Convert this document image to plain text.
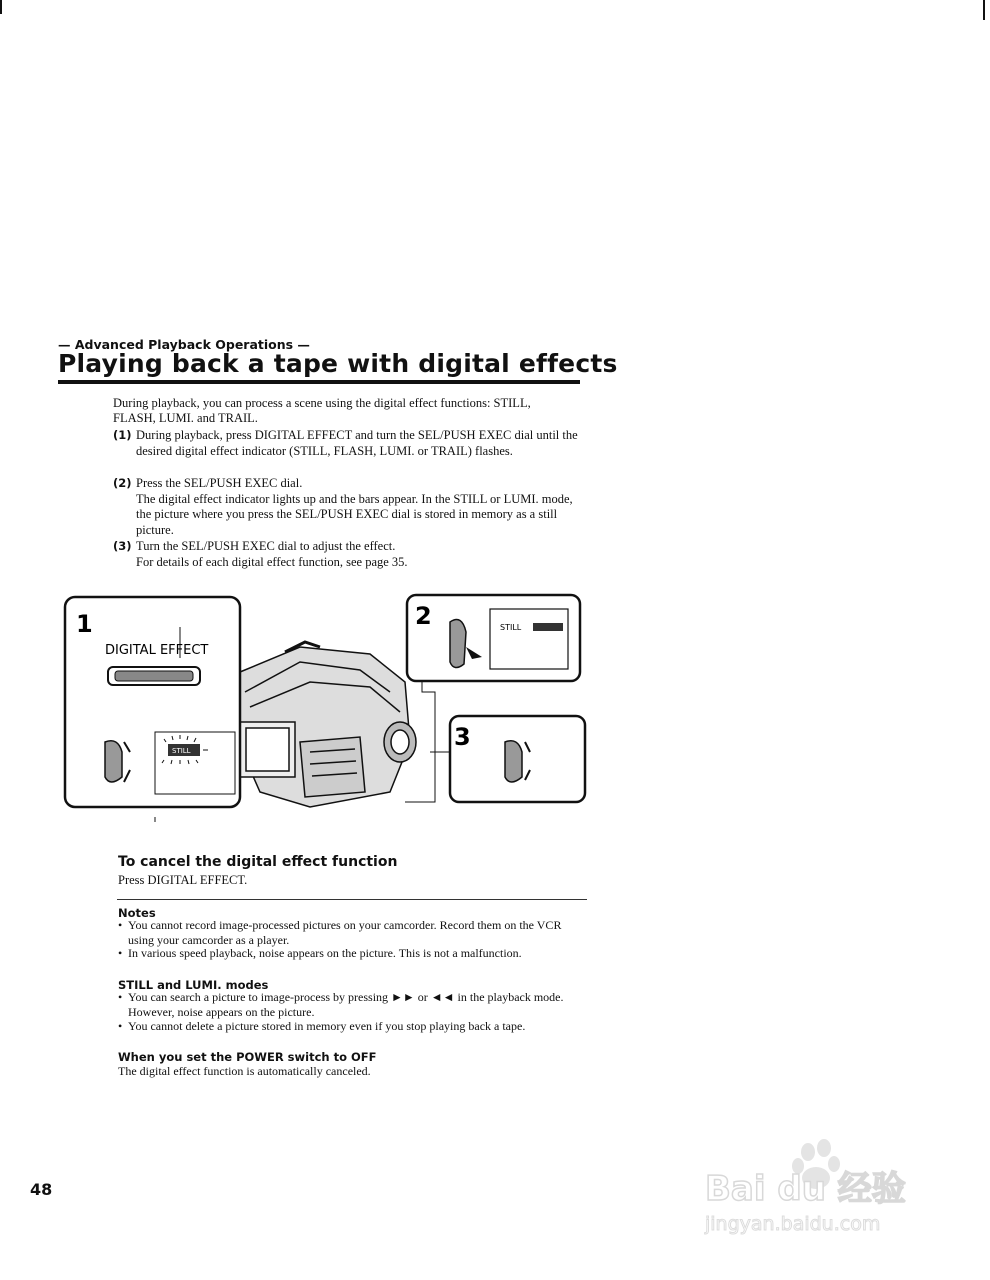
— Advanced Playback Operations —
Playing back a tape with digital effects
During playback, you can process a scene using the digital effect functions: STILL, FLASH, LUMI. and TRAIL.
(1) During playback, press DIGITAL EFFECT and turn the SEL/PUSH EXEC dial until the desired digital effect indicator (STILL, FLASH, LUMI. or TRAIL) flashes.
(2) Press the SEL/PUSH EXEC dial.
The digital effect indicator lights up and the bars appear. In the STILL or LUMI. mode, the picture where you press the SEL/PUSH EXEC dial is stored in memory as a still picture.
(3) Turn the SEL/PUSH EXEC dial to adjust the effect.
For details of each digital effect function, see page 35.
1
DIGITAL EFFECT
STILL
2	STILL
3
To cancel the digital effect function
Press DIGITAL EFFECT.
Notes
• You cannot record image-processed pictures on your camcorder. Record them on the VCR using your camcorder as a player.
• In various speed playback, noise appears on the picture. This is not a malfunction.
STILL and LUMI. modes
• You can search a picture to image-process by pressing ►► or ◄◄ in the playback mode. However, noise appears on the picture.
• You cannot delete a picture stored in memory even if you stop playing back a tape.
When you set the POWER switch to OFF
The digital effect function is automatically canceled.
48	Bai du 经验
jingyan.baidu.com
